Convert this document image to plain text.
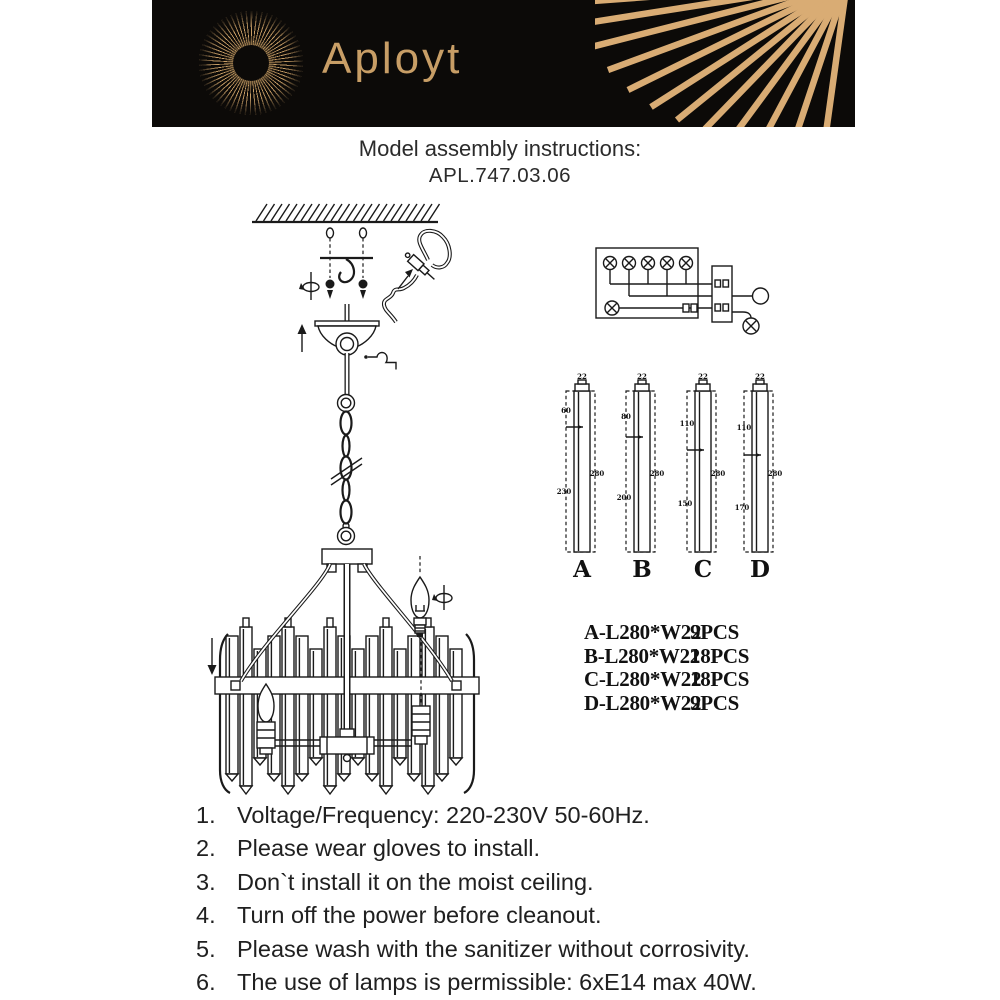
Aployt
Model assembly instructions:
APL.747.03.06
22
60
230
280
A
22
80
200
280
B
22
110
150
280
C
22
110
170
280
D
A-L280*W22
9PCS
B-L280*W22
18PCS
C-L280*W22
18PCS
D-L280*W22
9PCS
1. Voltage/Frequency: 220-230V 50-60Hz.
2. Please wear gloves to install.
3. Don`t install it on the moist ceiling.
4. Turn off the power before cleanout.
5. Please wash with the sanitizer without corrosivity.
6. The use of lamps is permissible: 6xE14 max 40W.
